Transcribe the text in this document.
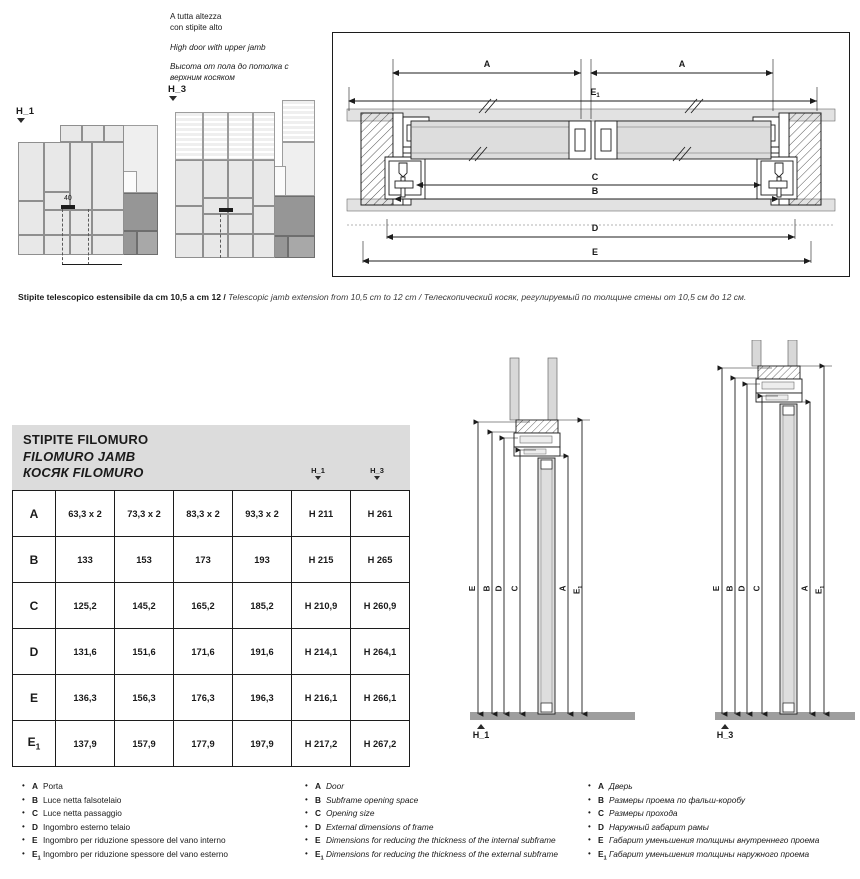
A tutta altezza
con stipite alto
High door with upper jamb
Высота от пола до потолка с
верхним косяком
H_1
H_3
40
A	A
$E_1$
C
B
D
E
Stipite telescopico estensibile da cm 10,5 a cm 12 / Telescopic jamb extension from 10,5 cm to 12 cm / Телескопический косяк, регулируемый по толщине стены от 10,5 см до 12 см.
STIPITE FILOMURO
FILOMURO JAMB
КОСЯК FILOMURO	H_1	H_3
A	63,3 x 2	73,3 x 2	83,3 x 2	93,3 x 2	H 211	H 261
B	133	153	173	193	H 215	H 265
C	125,2	145,2	165,2	185,2	H 210,9	H 260,9
D	131,6	151,6	171,6	191,6	H 214,1	H 264,1
E	136,3	156,3	176,3	196,3	H 216,1	H 266,1
$E_1$	137,9	157,9	177,9	197,9	H 217,2	H 267,2
E B D C	A $E_1$
H_1
E B D C	A $E_1$
H_3
• A Porta
• B Luce netta falsotelaio
• C Luce netta passaggio
• D Ingombro esterno telaio
• E Ingombro per riduzione spessore del vano interno
• $E_1$ Ingombro per riduzione spessore del vano esterno
• A Door
• B Subframe opening space
• C Opening size
• D External dimensions of frame
• E Dimensions for reducing the thickness of the internal subframe
• $E_1$ Dimensions for reducing the thickness of the external subframe
• A Дверь
• B Размеры проема по фальш-коробу
• C Размеры прохода
• D Наружный габарит рамы
• E Габарит уменьшения толщины внутреннего проема
• $E_1$ Габарит уменьшения толщины наружного проема
